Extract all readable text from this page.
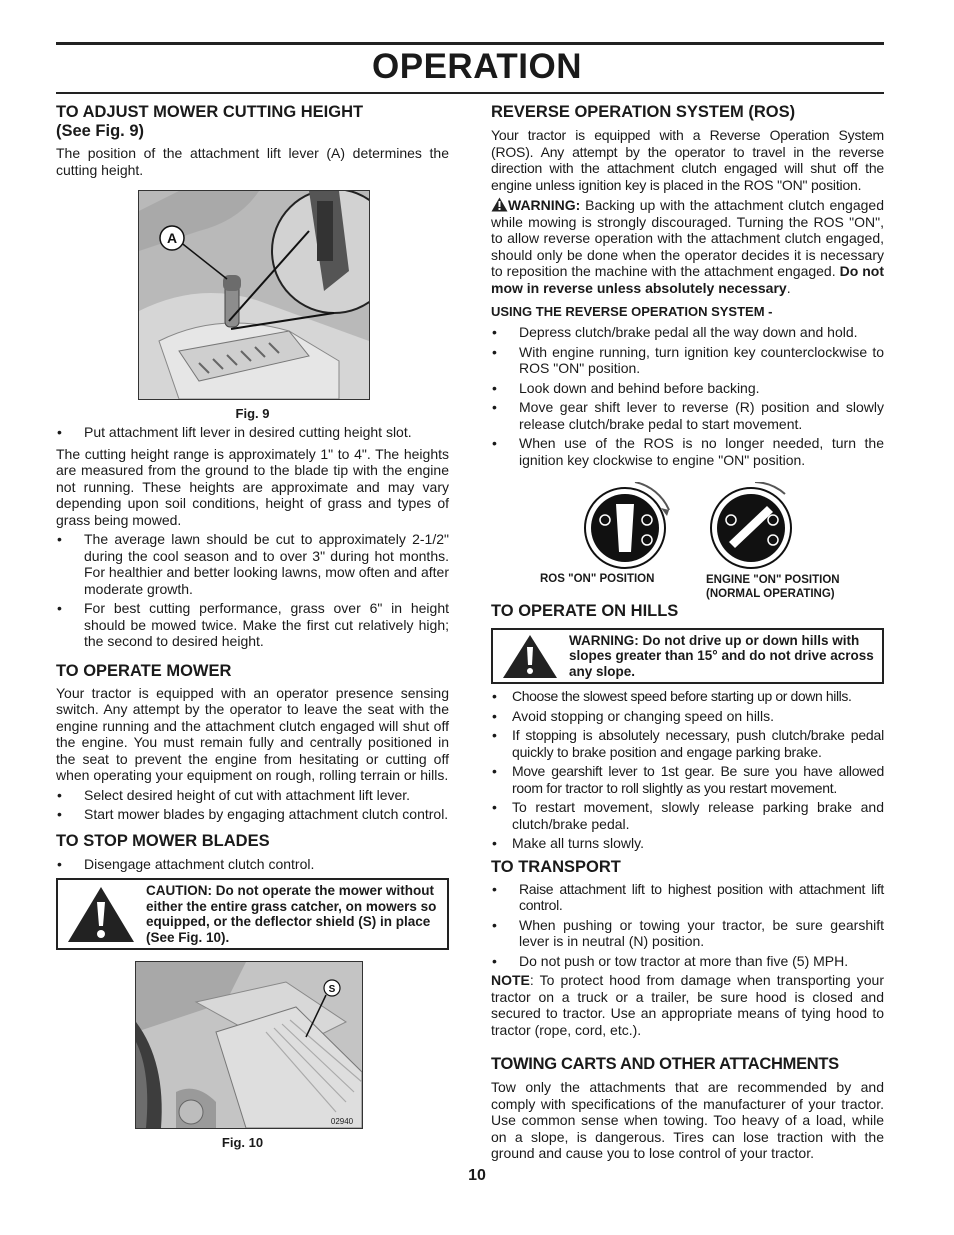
OPERATION
TO ADJUST MOWER CUTTING HEIGHT
(See Fig. 9)

The position of the attachment lift lever (A) determines the cutting height.

A
Fig. 9
• Put attachment lift lever in desired cutting height slot.

The cutting height range is approximately 1" to 4". The heights are measured from the ground to the blade tip with the engine not running. These heights are approximate and may vary depending upon soil conditions, height of grass and types of grass being mowed.

• The average lawn should be cut to approximately 2-1/2" during the cool season and to over 3" during hot months. For healthier and better looking lawns, mow often and after moderate growth.
• For best cutting performance, grass over 6" in height should be mowed twice. Make the first cut relatively high; the second to desired height.
TO OPERATE MOWER

Your tractor is equipped with an operator presence sensing switch. Any attempt by the operator to leave the seat with the engine running and the attachment clutch engaged will shut off the engine. You must remain fully and centrally positioned in the seat to prevent the engine from hesitating or cutting off when operating your equipment on rough, rolling terrain or hills.

• Select desired height of cut with attachment lift lever.
• Start mower blades by engaging attachment clutch control.
TO STOP MOWER BLADES
• Disengage attachment clutch control.
CAUTION: Do not operate the mower without either the entire grass catcher, on mowers so equipped, or the deflector shield (S) in place (See Fig. 10).
S
02940
Fig. 10
REVERSE OPERATION SYSTEM (ROS)

Your tractor is equipped with a Reverse Operation System (ROS). Any attempt by the operator to travel in the reverse direction with the attachment clutch engaged will shut off the engine unless ignition key is placed in the ROS "ON" position.

WARNING: Backing up with the attachment clutch engaged while mowing is strongly discouraged. Turning the ROS "ON", to allow reverse operation with the attachment clutch engaged, should only be done when the operator decides it is necessary to reposition the machine with the attachment engaged. Do not mow in reverse unless absolutely necessary.

USING THE REVERSE OPERATION SYSTEM -
• Depress clutch/brake pedal all the way down and hold.
• With engine running, turn ignition key counterclockwise to ROS "ON" position.
• Look down and behind before backing.
• Move gear shift lever to reverse (R) position and slowly release clutch/brake pedal to start movement.
• When use of the ROS is no longer needed, turn the ignition key clockwise to engine "ON" position.
ROS "ON" POSITION	ENGINE "ON" POSITION
(NORMAL OPERATING)
TO OPERATE ON HILLS
WARNING: Do not drive up or down hills with slopes greater than 15° and do not drive across any slope.
• Choose the slowest speed before starting up or down hills.
• Avoid stopping or changing speed on hills.
• If stopping is absolutely necessary, push clutch/brake pedal quickly to brake position and engage parking brake.
• Move gearshift lever to 1st gear. Be sure you have allowed room for tractor to roll slightly as you restart movement.
• To restart movement, slowly release parking brake and clutch/brake pedal.
• Make all turns slowly.
TO TRANSPORT
• Raise attachment lift to highest position with attachment lift control.
• When pushing or towing your tractor, be sure gearshift lever is in neutral (N) position.
• Do not push or tow tractor at more than five (5) MPH.

NOTE: To protect hood from damage when transporting your tractor on a truck or a trailer, be sure hood is closed and secured to tractor. Use an appropriate means of tying hood to tractor (rope, cord, etc.).

TOWING CARTS AND OTHER ATTACHMENTS

Tow only the attachments that are recommended by and comply with specifications of the manufacturer of your tractor. Use common sense when towing. Too heavy of a load, while on a slope, is dangerous. Tires can lose traction with the ground and cause you to lose control of your tractor.

10
